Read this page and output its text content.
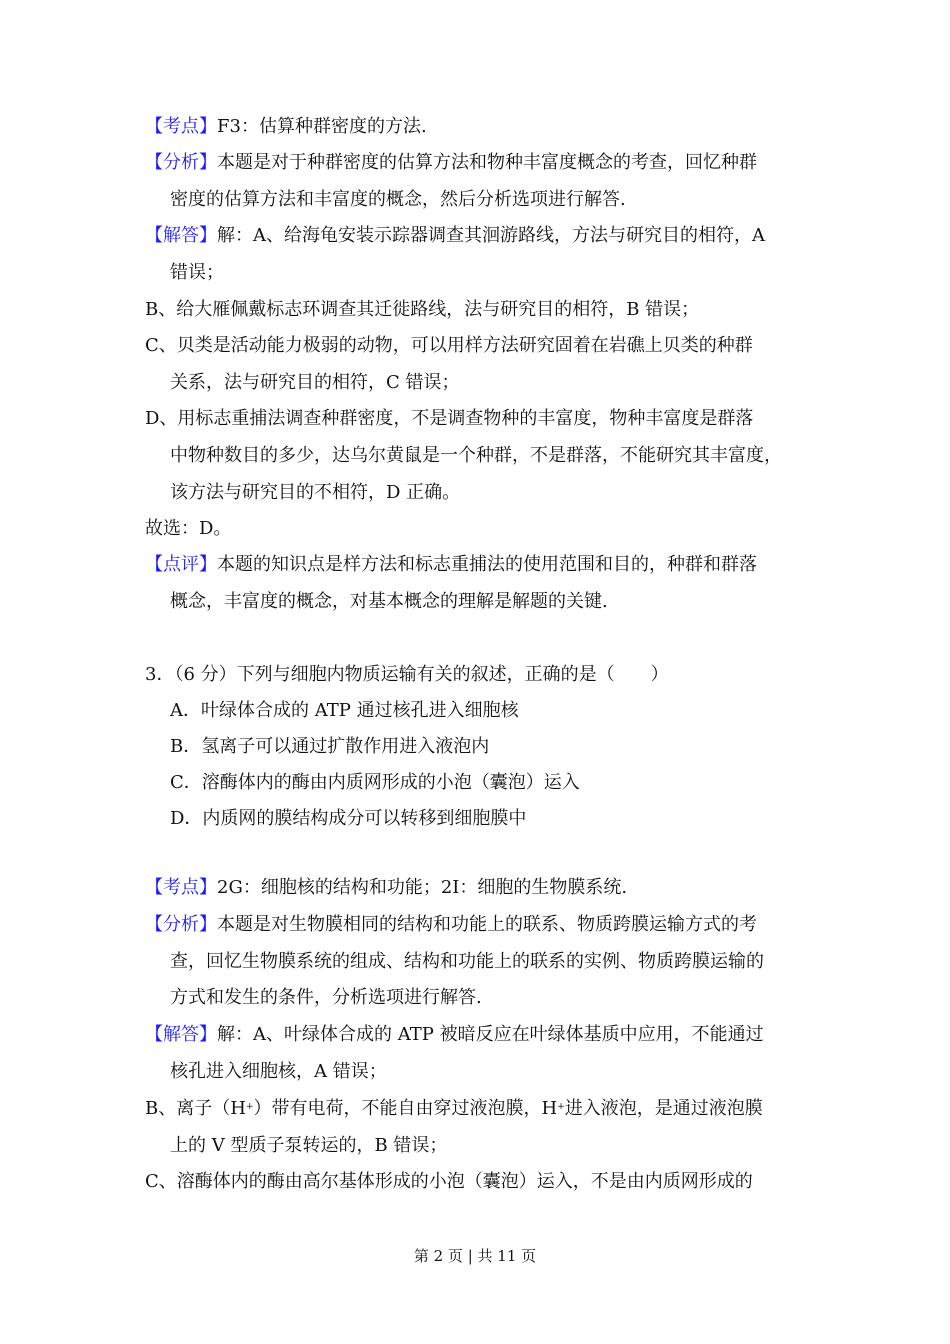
【考点】F3：估算种群密度的方法.
【分析】本题是对于种群密度的估算方法和物种丰富度概念的考查，回忆种群
密度的估算方法和丰富度的概念，然后分析选项进行解答.
【解答】解：A、给海龟安装示踪器调查其洄游路线，方法与研究目的相符，A
错误；
B、给大雁佩戴标志环调查其迁徙路线，法与研究目的相符，B 错误；
C、贝类是活动能力极弱的动物，可以用样方法研究固着在岩礁上贝类的种群
关系，法与研究目的相符，C 错误；
D、用标志重捕法调查种群密度，不是调查物种的丰富度，物种丰富度是群落
中物种数目的多少，达乌尔黄鼠是一个种群，不是群落，不能研究其丰富度，
该方法与研究目的不相符，D 正确。
故选：D。
【点评】本题的知识点是样方法和标志重捕法的使用范围和目的，种群和群落
概念，丰富度的概念，对基本概念的理解是解题的关键.
3．（6 分）下列与细胞内物质运输有关的叙述，正确的是（　　）
A．叶绿体合成的 ATP 通过核孔进入细胞核
B．氢离子可以通过扩散作用进入液泡内
C．溶酶体内的酶由内质网形成的小泡（囊泡）运入
D．内质网的膜结构成分可以转移到细胞膜中
【考点】2G：细胞核的结构和功能；2I：细胞的生物膜系统.
【分析】本题是对生物膜相同的结构和功能上的联系、物质跨膜运输方式的考
查，回忆生物膜系统的组成、结构和功能上的联系的实例、物质跨膜运输的
方式和发生的条件，分析选项进行解答.
【解答】解：A、叶绿体合成的 ATP 被暗反应在叶绿体基质中应用，不能通过
核孔进入细胞核，A 错误；
B、离子（H+）带有电荷，不能自由穿过液泡膜，H+进入液泡，是通过液泡膜
上的 V 型质子泵转运的，B 错误；
C、溶酶体内的酶由高尔基体形成的小泡（囊泡）运入，不是由内质网形成的
第 2 页 | 共 11 页
